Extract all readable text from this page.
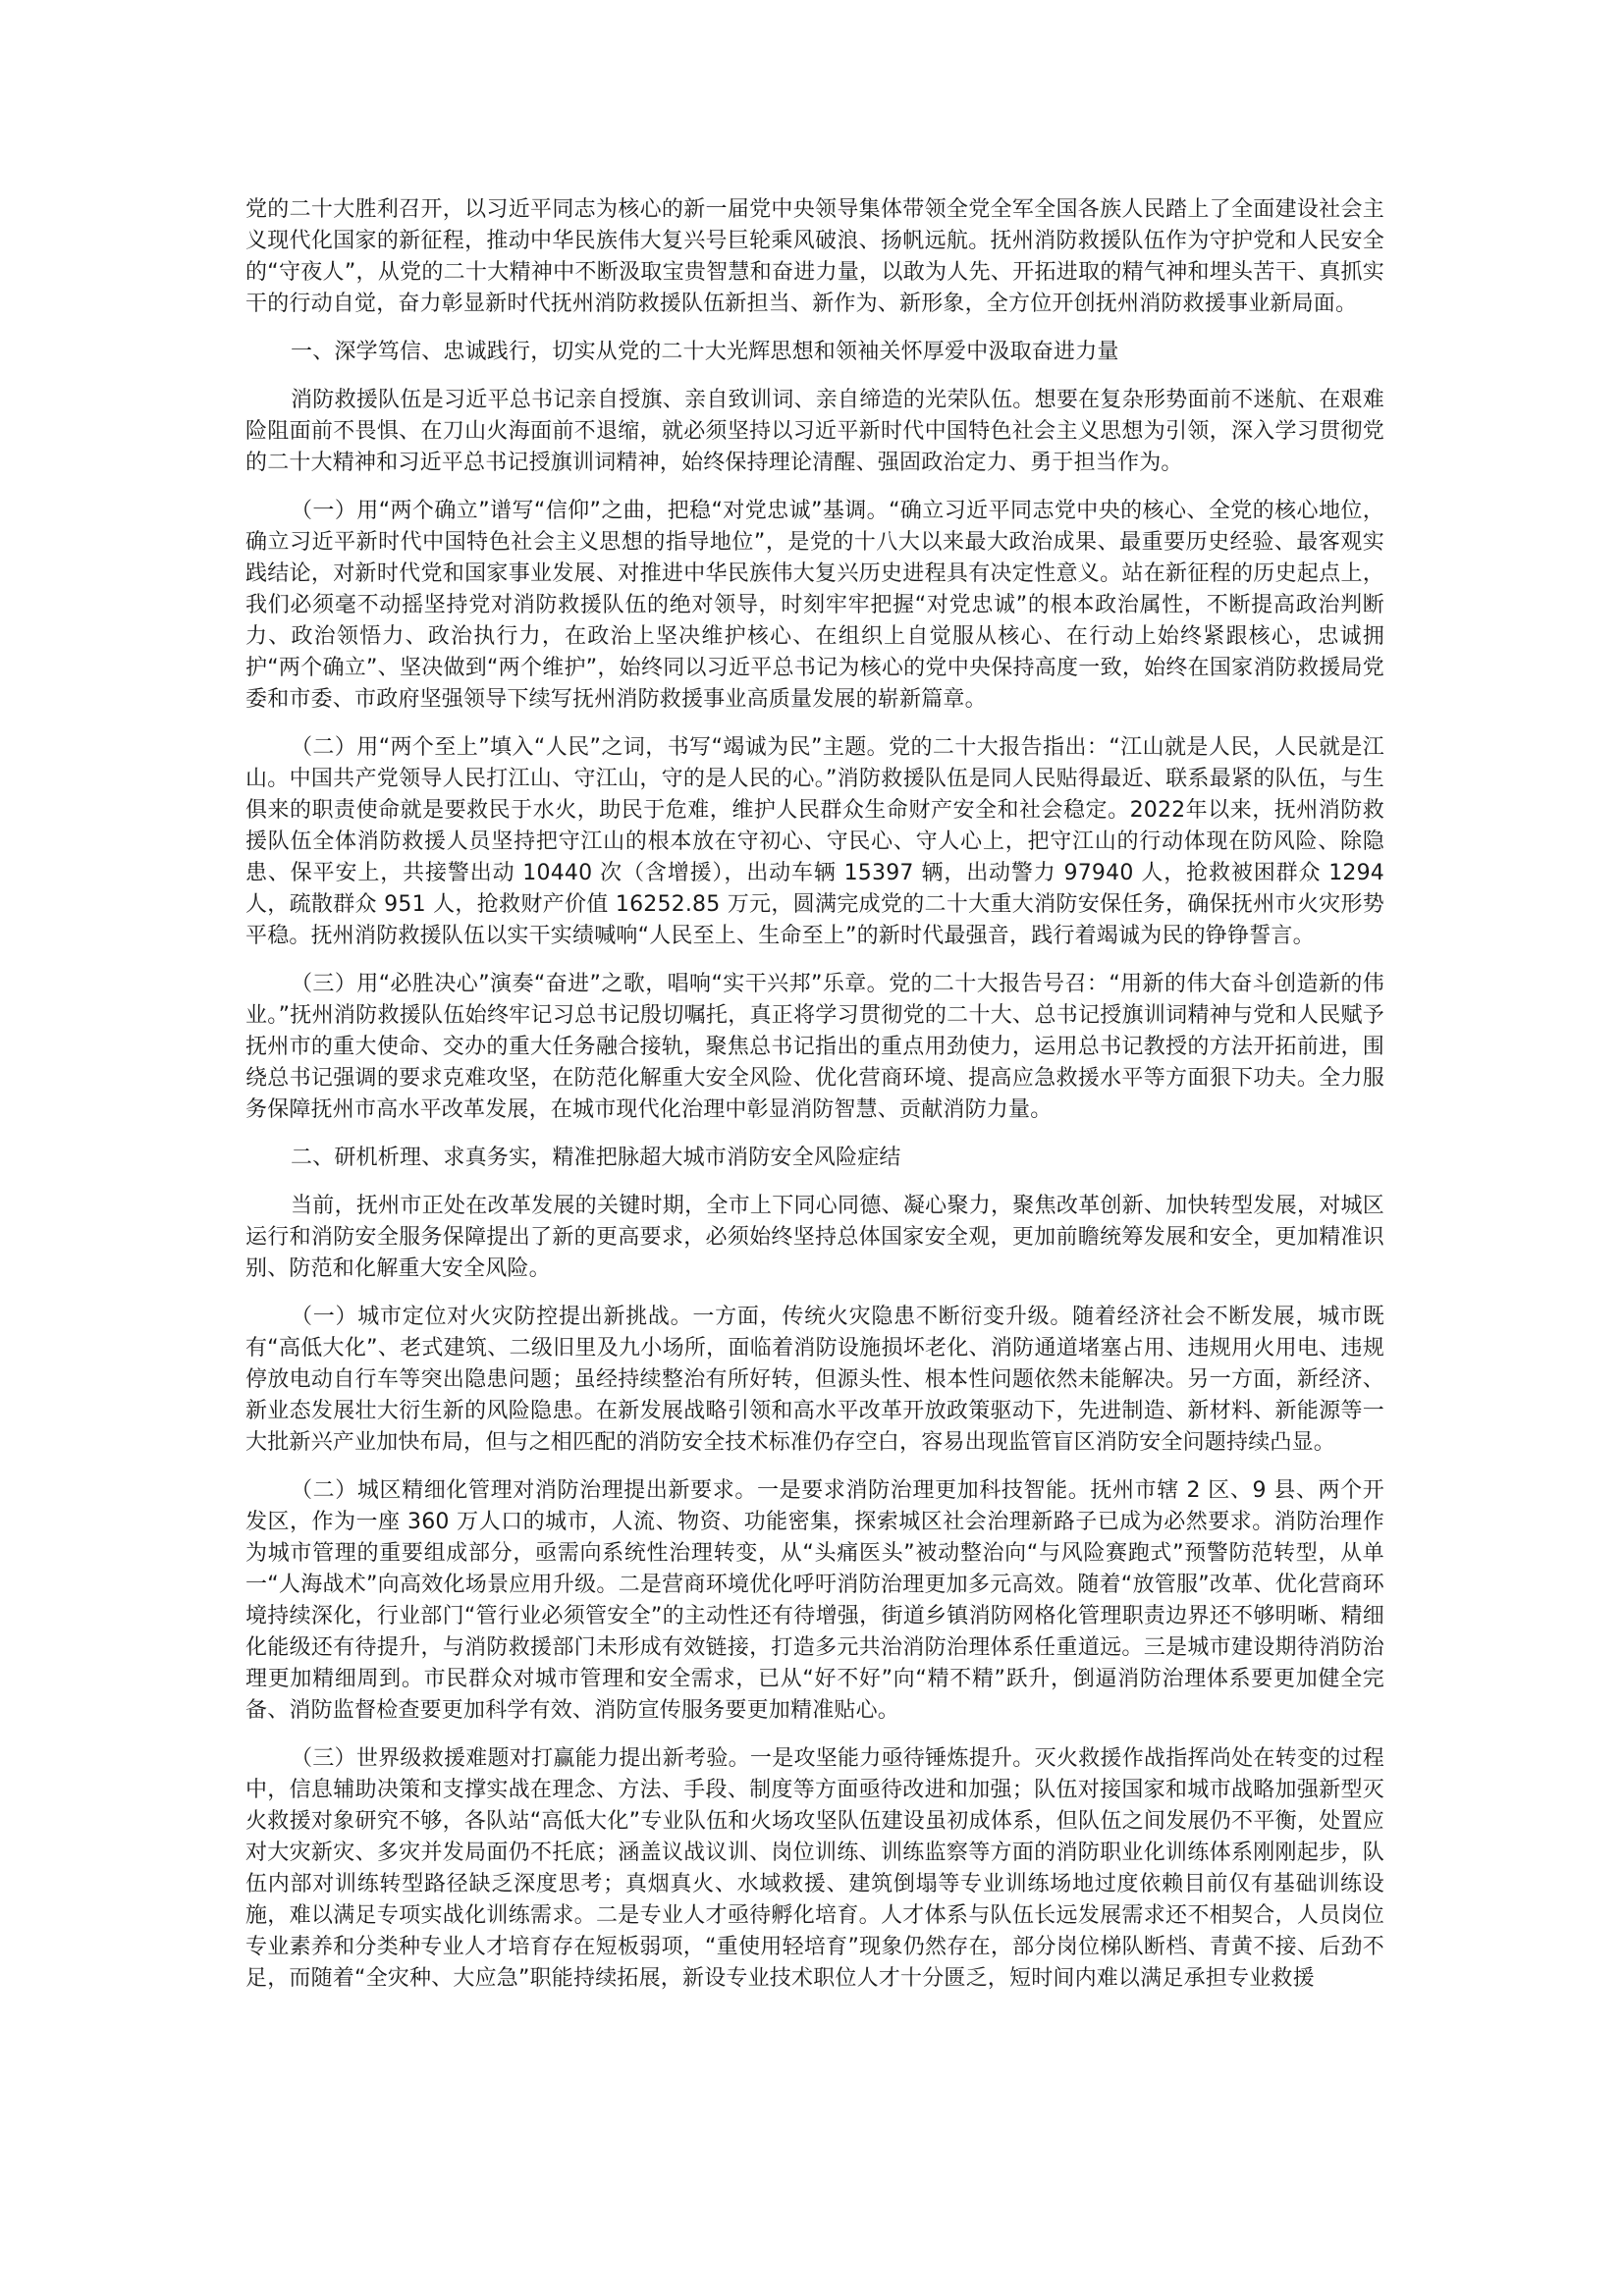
党的二十大胜利召开，以习近平同志为核心的新一届党中央领导集体带领全党全军全国各族人民踏上了全面建设社会主义现代化国家的新征程，推动中华民族伟大复兴号巨轮乘风破浪、扬帆远航。抚州消防救援队伍作为守护党和人民安全的“守夜人”，从党的二十大精神中不断汲取宝贵智慧和奋进力量，以敢为人先、开拓进取的精气神和埋头苦干、真抓实干的行动自觉，奋力彰显新时代抚州消防救援队伍新担当、新作为、新形象，全方位开创抚州消防救援事业新局面。

一、深学笃信、忠诚践行，切实从党的二十大光辉思想和领袖关怀厚爱中汲取奋进力量

消防救援队伍是习近平总书记亲自授旗、亲自致训词、亲自缔造的光荣队伍。想要在复杂形势面前不迷航、在艰难险阻面前不畏惧、在刀山火海面前不退缩，就必须坚持以习近平新时代中国特色社会主义思想为引领，深入学习贯彻党的二十大精神和习近平总书记授旗训词精神，始终保持理论清醒、强固政治定力、勇于担当作为。

（一）用“两个确立”谱写“信仰”之曲，把稳“对党忠诚”基调。“确立习近平同志党中央的核心、全党的核心地位，确立习近平新时代中国特色社会主义思想的指导地位”，是党的十八大以来最大政治成果、最重要历史经验、最客观实践结论，对新时代党和国家事业发展、对推进中华民族伟大复兴历史进程具有决定性意义。站在新征程的历史起点上，我们必须毫不动摇坚持党对消防救援队伍的绝对领导，时刻牢牢把握“对党忠诚”的根本政治属性，不断提高政治判断力、政治领悟力、政治执行力，在政治上坚决维护核心、在组织上自觉服从核心、在行动上始终紧跟核心，忠诚拥护“两个确立”、坚决做到“两个维护”，始终同以习近平总书记为核心的党中央保持高度一致，始终在国家消防救援局党委和市委、市政府坚强领导下续写抚州消防救援事业高质量发展的崭新篇章。

（二）用“两个至上”填入“人民”之词，书写“竭诚为民”主题。党的二十大报告指出：“江山就是人民，人民就是江山。中国共产党领导人民打江山、守江山，守的是人民的心。”消防救援队伍是同人民贴得最近、联系最紧的队伍，与生俱来的职责使命就是要救民于水火，助民于危难，维护人民群众生命财产安全和社会稳定。2022年以来，抚州消防救援队伍全体消防救援人员坚持把守江山的根本放在守初心、守民心、守人心上，把守江山的行动体现在防风险、除隐患、保平安上，共接警出动 10440 次（含增援），出动车辆 15397 辆，出动警力 97940 人，抢救被困群众 1294 人，疏散群众 951 人，抢救财产价值 16252.85 万元，圆满完成党的二十大重大消防安保任务，确保抚州市火灾形势平稳。抚州消防救援队伍以实干实绩喊响“人民至上、生命至上”的新时代最强音，践行着竭诚为民的铮铮誓言。

（三）用“必胜决心”演奏“奋进”之歌，唱响“实干兴邦”乐章。党的二十大报告号召：“用新的伟大奋斗创造新的伟业。”抚州消防救援队伍始终牢记习总书记殷切嘱托，真正将学习贯彻党的二十大、总书记授旗训词精神与党和人民赋予抚州市的重大使命、交办的重大任务融合接轨，聚焦总书记指出的重点用劲使力，运用总书记教授的方法开拓前进，围绕总书记强调的要求克难攻坚，在防范化解重大安全风险、优化营商环境、提高应急救援水平等方面狠下功夫。全力服务保障抚州市高水平改革发展，在城市现代化治理中彰显消防智慧、贡献消防力量。

二、研机析理、求真务实，精准把脉超大城市消防安全风险症结

当前，抚州市正处在改革发展的关键时期，全市上下同心同德、凝心聚力，聚焦改革创新、加快转型发展，对城区运行和消防安全服务保障提出了新的更高要求，必须始终坚持总体国家安全观，更加前瞻统筹发展和安全，更加精准识别、防范和化解重大安全风险。

（一）城市定位对火灾防控提出新挑战。一方面，传统火灾隐患不断衍变升级。随着经济社会不断发展，城市既有“高低大化”、老式建筑、二级旧里及九小场所，面临着消防设施损坏老化、消防通道堵塞占用、违规用火用电、违规停放电动自行车等突出隐患问题；虽经持续整治有所好转，但源头性、根本性问题依然未能解决。另一方面，新经济、新业态发展壮大衍生新的风险隐患。在新发展战略引领和高水平改革开放政策驱动下，先进制造、新材料、新能源等一大批新兴产业加快布局，但与之相匹配的消防安全技术标准仍存空白，容易出现监管盲区消防安全问题持续凸显。

（二）城区精细化管理对消防治理提出新要求。一是要求消防治理更加科技智能。抚州市辖 2 区、9 县、两个开发区，作为一座 360 万人口的城市，人流、物资、功能密集，探索城区社会治理新路子已成为必然要求。消防治理作为城市管理的重要组成部分，亟需向系统性治理转变，从“头痛医头”被动整治向“与风险赛跑式”预警防范转型，从单一“人海战术”向高效化场景应用升级。二是营商环境优化呼吁消防治理更加多元高效。随着“放管服”改革、优化营商环境持续深化，行业部门“管行业必须管安全”的主动性还有待增强，街道乡镇消防网格化管理职责边界还不够明晰、精细化能级还有待提升，与消防救援部门未形成有效链接，打造多元共治消防治理体系任重道远。三是城市建设期待消防治理更加精细周到。市民群众对城市管理和安全需求，已从“好不好”向“精不精”跃升，倒逼消防治理体系要更加健全完备、消防监督检查要更加科学有效、消防宣传服务要更加精准贴心。

（三）世界级救援难题对打赢能力提出新考验。一是攻坚能力亟待锤炼提升。灭火救援作战指挥尚处在转变的过程中，信息辅助决策和支撑实战在理念、方法、手段、制度等方面亟待改进和加强；队伍对接国家和城市战略加强新型灭火救援对象研究不够，各队站“高低大化”专业队伍和火场攻坚队伍建设虽初成体系，但队伍之间发展仍不平衡，处置应对大灾新灾、多灾并发局面仍不托底；涵盖议战议训、岗位训练、训练监察等方面的消防职业化训练体系刚刚起步，队伍内部对训练转型路径缺乏深度思考；真烟真火、水域救援、建筑倒塌等专业训练场地过度依赖目前仅有基础训练设施，难以满足专项实战化训练需求。二是专业人才亟待孵化培育。人才体系与队伍长远发展需求还不相契合，人员岗位专业素养和分类种专业人才培育存在短板弱项，“重使用轻培育”现象仍然存在，部分岗位梯队断档、青黄不接、后劲不足，而随着“全灾种、大应急”职能持续拓展，新设专业技术职位人才十分匮乏，短时间内难以满足承担专业救援
